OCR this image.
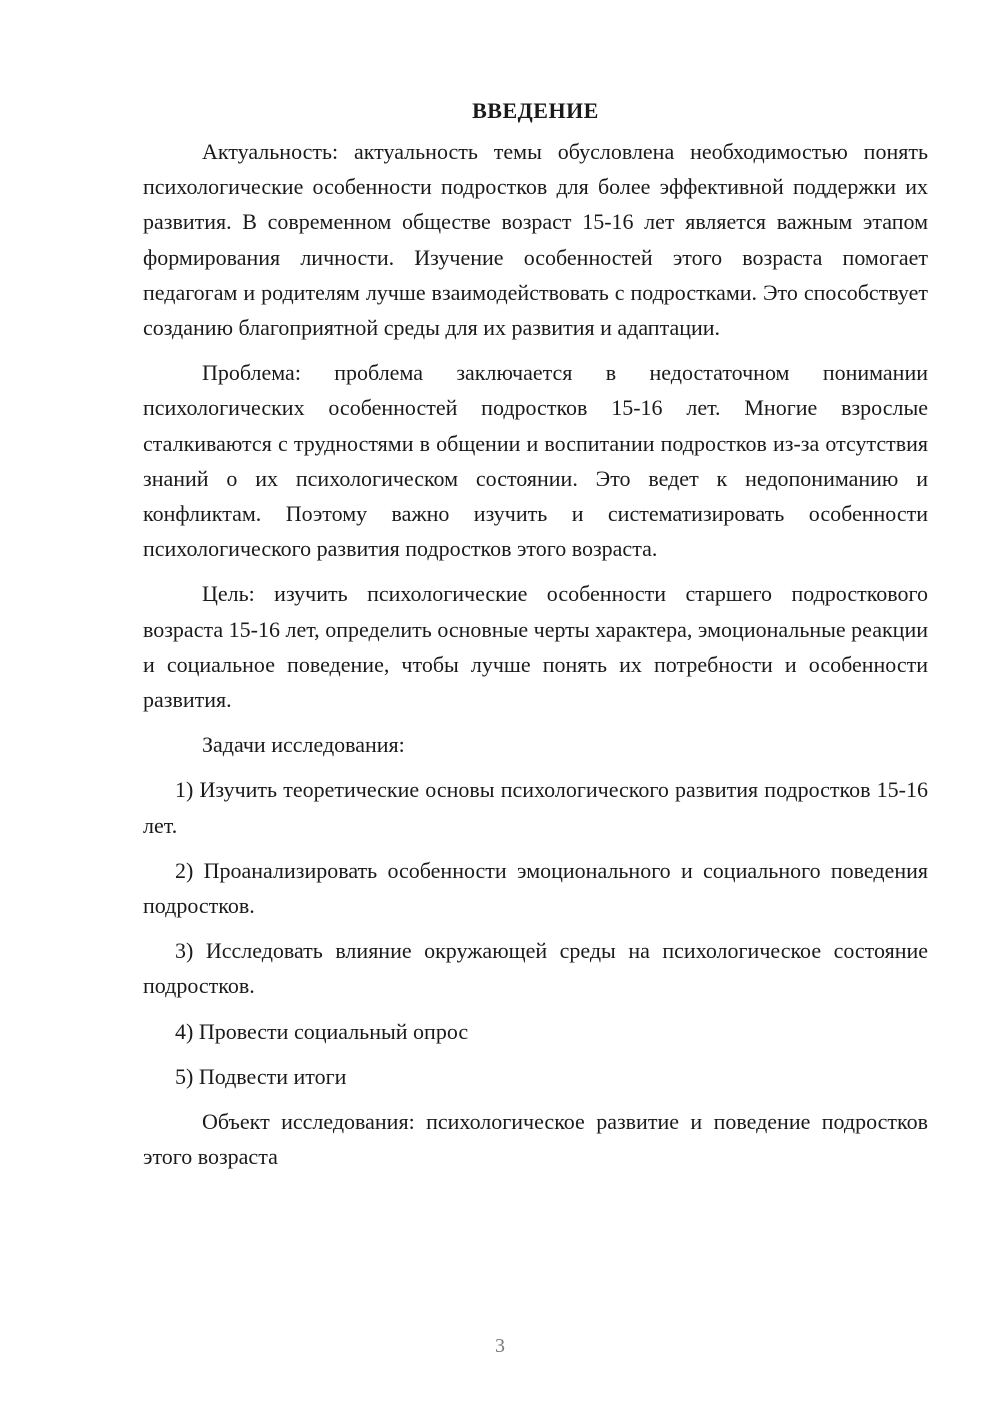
ВВЕДЕНИЕ

Актуальность: актуальность темы обусловлена необходимостью понять психологические особенности подростков для более эффективной поддержки их развития. В современном обществе возраст 15-16 лет является важным этапом формирования личности. Изучение особенностей этого возраста помогает педагогам и родителям лучше взаимодействовать с подростками. Это способствует созданию благоприятной среды для их развития и адаптации.

Проблема: проблема заключается в недостаточном понимании психологических особенностей подростков 15-16 лет. Многие взрослые сталкиваются с трудностями в общении и воспитании подростков из-за отсутствия знаний о их психологическом состоянии. Это ведет к недопониманию и конфликтам. Поэтому важно изучить и систематизировать особенности психологического развития подростков этого возраста.

Цель: изучить психологические особенности старшего подросткового возраста 15-16 лет, определить основные черты характера, эмоциональные реакции и социальное поведение, чтобы лучше понять их потребности и особенности развития.

Задачи исследования:

1) Изучить теоретические основы психологического развития подростков 15-16 лет.

2) Проанализировать особенности эмоционального и социального поведения подростков.

3) Исследовать влияние окружающей среды на психологическое состояние подростков.

4) Провести социальный опрос

5) Подвести итоги

Объект исследования: психологическое развитие и поведение подростков этого возраста

3
